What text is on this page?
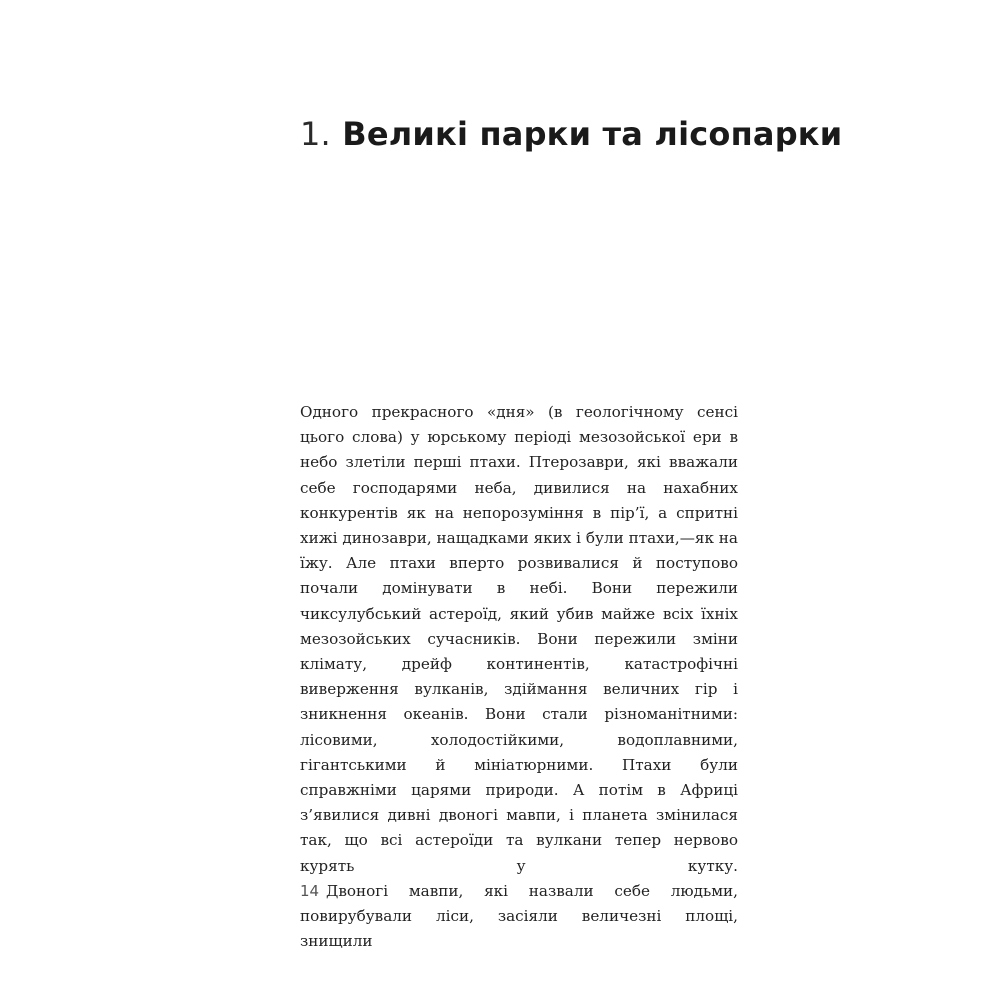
1. Великі парки та лісопарки

Одного прекрасного «дня» (в геологічному сенсі цього слова) у юрському періоді мезозойської ери в небо злетіли перші птахи. Птерозаври, які вважали себе господарями неба, дивилися на нахабних конкурентів як на непорозуміння в пір’ї, а спритні хижі динозаври, нащадками яких і були птахи,—як на їжу. Але птахи вперто розвивалися й поступово почали домінувати в небі. Вони пережили чиксулубський астероїд, який убив майже всіх їхніх мезозойських сучасників. Вони пережили зміни клімату, дрейф континентів, катастрофічні виверження вулканів, здіймання величних гір і зникнення океанів. Вони стали різноманітними: лісовими, холодостійкими, водоплавними, гігантськими й мініатюрними. Птахи були справжніми царями природи. А потім в Африці з’явилися дивні двоногі мавпи, і планета змінилася так, що всі астероїди та вулкани тепер нервово курять у кутку.

Двоногі мавпи, які назвали себе людьми, повирубували ліси, засіяли величезні площі, знищили

14
